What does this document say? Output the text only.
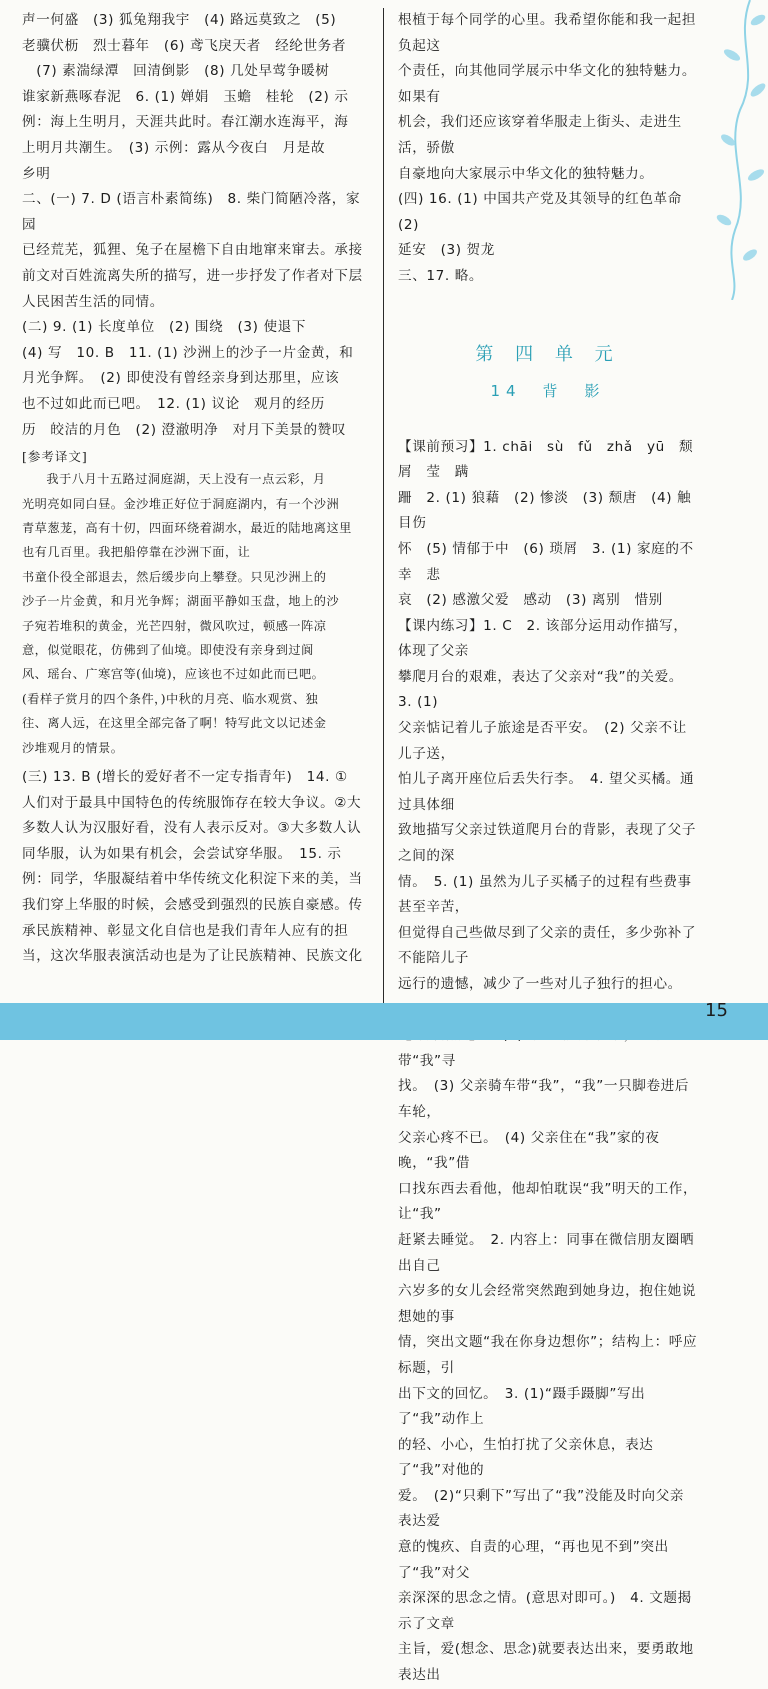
声一何盛　(3) 狐兔翔我宇　(4) 路远莫致之　(5)

老骥伏枥　烈士暮年　(6) 鸢飞戾天者　经纶世务者

　(7) 素湍绿潭　回清倒影　(8) 几处早莺争暖树

谁家新燕啄春泥　6. (1) 婵娟　玉蟾　桂轮　(2) 示

例：海上生明月，天涯共此时。春江潮水连海平，海

上明月共潮生。　(3) 示例：露从今夜白　月是故

乡明

二、(一) 7. D (语言朴素简练)　8. 柴门简陋冷落，家园

已经荒芜，狐狸、兔子在屋檐下自由地窜来窜去。承接

前文对百姓流离失所的描写，进一步抒发了作者对下层

人民困苦生活的同情。

(二) 9. (1) 长度单位　(2) 围绕　(3) 使退下

(4) 写　10. B　11. (1) 沙洲上的沙子一片金黄，和

月光争辉。　(2) 即使没有曾经亲身到达那里，应该

也不过如此而已吧。　12. (1) 议论　观月的经历

历　皎洁的月色　(2) 澄澈明净　对月下美景的赞叹

[参考译文]

我于八月十五路过洞庭湖，天上没有一点云彩，月

光明亮如同白昼。金沙堆正好位于洞庭湖内，有一个沙洲

青草葱茏，高有十仞，四面环绕着湖水，最近的陆地离这里

也有几百里。我把船停靠在沙洲下面，让

书童仆役全部退去，然后缓步向上攀登。只见沙洲上的

沙子一片金黄，和月光争辉；湖面平静如玉盘，地上的沙

子宛若堆积的黄金，光芒四射，微风吹过，顿感一阵凉

意，似觉眼花，仿佛到了仙境。即使没有亲身到过阆

风、瑶台、广寒宫等(仙境)，应该也不过如此而已吧。

(看样子赏月的四个条件，)中秋的月亮、临水观赏、独

往、离人远，在这里全部完备了啊！特写此文以记述金

沙堆观月的情景。

(三) 13. B (增长的爱好者不一定专指青年)　14. ①

人们对于最具中国特色的传统服饰存在较大争议。②大

多数人认为汉服好看，没有人表示反对。③大多数人认

同华服，认为如果有机会，会尝试穿华服。　15. 示

例：同学，华服凝结着中华传统文化积淀下来的美，当

我们穿上华服的时候，会感受到强烈的民族自豪感。传

承民族精神、彰显文化自信也是我们青年人应有的担

当，这次华服表演活动也是为了让民族精神、民族文化

根植于每个同学的心里。我希望你能和我一起担负起这

个责任，向其他同学展示中华文化的独特魅力。如果有

机会，我们还应该穿着华服走上街头、走进生活，骄傲

自豪地向大家展示中华文化的独特魅力。

(四) 16. (1) 中国共产党及其领导的红色革命　(2)

延安　(3) 贺龙

三、17. 略。

第 四 单 元
14　背　影

【课前预习】1. chāi　sù　fǔ　zhǎ　yū　颓　屑　莹　蹒

跚　2. (1) 狼藉　(2) 惨淡　(3) 颓唐　(4) 触目伤

怀　(5) 情郁于中　(6) 琐屑　3. (1) 家庭的不幸　悲

哀　(2) 感激父爱　感动　(3) 离别　惜别

【课内练习】1. C　2. 该部分运用动作描写，体现了父亲

攀爬月台的艰难，表达了父亲对“我”的关爱。　3. (1)

父亲惦记着儿子旅途是否平安。　(2) 父亲不让儿子送，

怕儿子离开座位后丢失行李。　4. 望父买橘。通过具体细

致地描写父亲过铁道爬月台的背影，表现了父子之间的深

情。　5. (1) 虽然为儿子买橘子的过程有些费事甚至辛苦，

但觉得自己些做尽到了父亲的责任，多少弥补了不能陪儿子

远行的遗憾，减少了一些对儿子独行的担心。　

带“我”寻

找。　(3) 父亲骑车带“我”，“我”一只脚卷进后车轮，

父亲心疼不已。　(4) 父亲住在“我”家的夜晚，“我”借

口找东西去看他，他却怕耽误“我”明天的工作，让“我”

赶紧去睡觉。　2. 内容上：同事在微信朋友圈晒出自己

六岁多的女儿会经常突然跑到她身边，抱住她说想她的事

情，突出文题“我在你身边想你”；结构上：呼应标题，引

出下文的回忆。　3. (1)“蹑手蹑脚”写出了“我”动作上

的轻、小心，生怕打扰了父亲休息，表达了“我”对他的

爱。　(2)“只剩下”写出了“我”没能及时向父亲表达爱

意的愧疚、自责的心理，“再也见不到”突出了“我”对父

亲深深的思念之情。(意思对即可。)　4. 文题揭示了文章

主旨，爱(想念、思念)就要表达出来，要勇敢地表达出

15
